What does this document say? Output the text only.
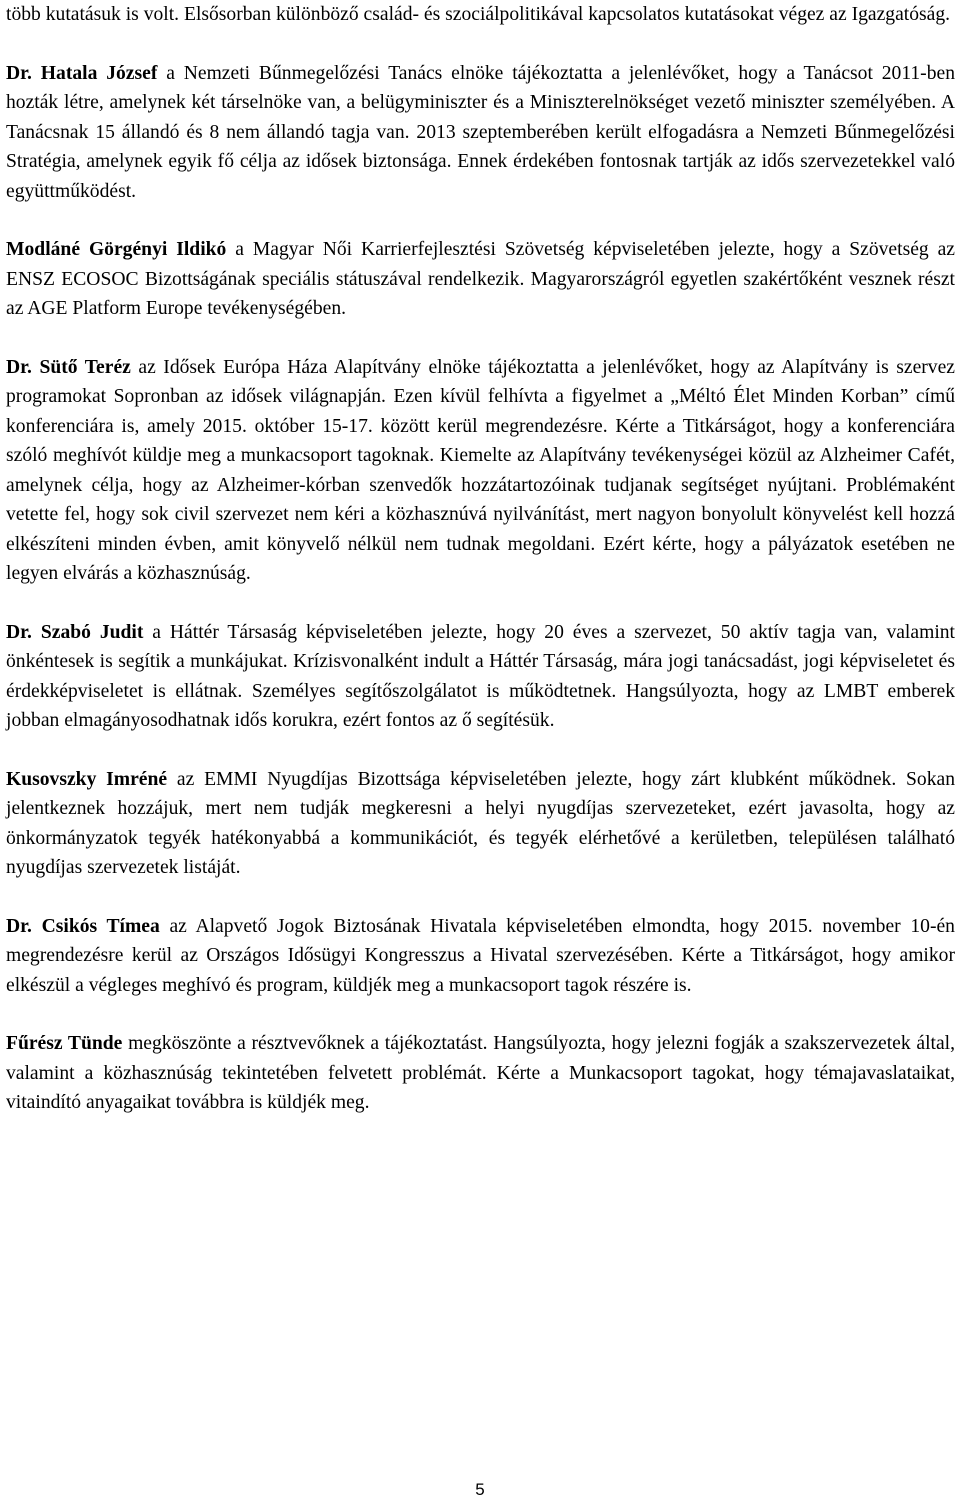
több kutatásuk is volt. Elsősorban különböző család- és szociálpolitikával kapcsolatos kutatásokat végez az Igazgatóság.

Dr. Hatala József a Nemzeti Bűnmegelőzési Tanács elnöke tájékoztatta a jelenlévőket, hogy a Tanácsot 2011-ben hozták létre, amelynek két társelnöke van, a belügyminiszter és a Miniszterelnökséget vezető miniszter személyében. A Tanácsnak 15 állandó és 8 nem állandó tagja van. 2013 szeptemberében került elfogadásra a Nemzeti Bűnmegelőzési Stratégia, amelynek egyik fő célja az idősek biztonsága. Ennek érdekében fontosnak tartják az idős szervezetekkel való együttműködést.

Modláné Görgényi Ildikó a Magyar Női Karrierfejlesztési Szövetség képviseletében jelezte, hogy a Szövetség az ENSZ ECOSOC Bizottságának speciális státuszával rendelkezik. Magyarországról egyetlen szakértőként vesznek részt az AGE Platform Europe tevékenységében.

Dr. Sütő Teréz az Idősek Európa Háza Alapítvány elnöke tájékoztatta a jelenlévőket, hogy az Alapítvány is szervez programokat Sopronban az idősek világnapján. Ezen kívül felhívta a figyelmet a „Méltó Élet Minden Korban” című konferenciára is, amely 2015. október 15-17. között kerül megrendezésre. Kérte a Titkárságot, hogy a konferenciára szóló meghívót küldje meg a munkacsoport tagoknak. Kiemelte az Alapítvány tevékenységei közül az Alzheimer Cafét, amelynek célja, hogy az Alzheimer-kórban szenvedők hozzátartozóinak tudjanak segítséget nyújtani. Problémaként vetette fel, hogy sok civil szervezet nem kéri a közhasznúvá nyilvánítást, mert nagyon bonyolult könyvelést kell hozzá elkészíteni minden évben, amit könyvelő nélkül nem tudnak megoldani. Ezért kérte, hogy a pályázatok esetében ne legyen elvárás a közhasznúság.

Dr. Szabó Judit a Háttér Társaság képviseletében jelezte, hogy 20 éves a szervezet, 50 aktív tagja van, valamint önkéntesek is segítik a munkájukat. Krízisvonalként indult a Háttér Társaság, mára jogi tanácsadást, jogi képviseletet és érdekképviseletet is ellátnak. Személyes segítőszolgálatot is működtetnek. Hangsúlyozta, hogy az LMBT emberek jobban elmagányosodhatnak idős korukra, ezért fontos az ő segítésük.

Kusovszky Imréné az EMMI Nyugdíjas Bizottsága képviseletében jelezte, hogy zárt klubként működnek. Sokan jelentkeznek hozzájuk, mert nem tudják megkeresni a helyi nyugdíjas szervezeteket, ezért javasolta, hogy az önkormányzatok tegyék hatékonyabbá a kommunikációt, és tegyék elérhetővé a kerületben, településen található nyugdíjas szervezetek listáját.

Dr. Csikós Tímea az Alapvető Jogok Biztosának Hivatala képviseletében elmondta, hogy 2015. november 10-én megrendezésre kerül az Országos Idősügyi Kongresszus a Hivatal szervezésében. Kérte a Titkárságot, hogy amikor elkészül a végleges meghívó és program, küldjék meg a munkacsoport tagok részére is.

Fűrész Tünde megköszönte a résztvevőknek a tájékoztatást. Hangsúlyozta, hogy jelezni fogják a szakszervezetek által, valamint a közhasznúság tekintetében felvetett problémát. Kérte a Munkacsoport tagokat, hogy témajavaslataikat, vitaindító anyagaikat továbbra is küldjék meg.

5
